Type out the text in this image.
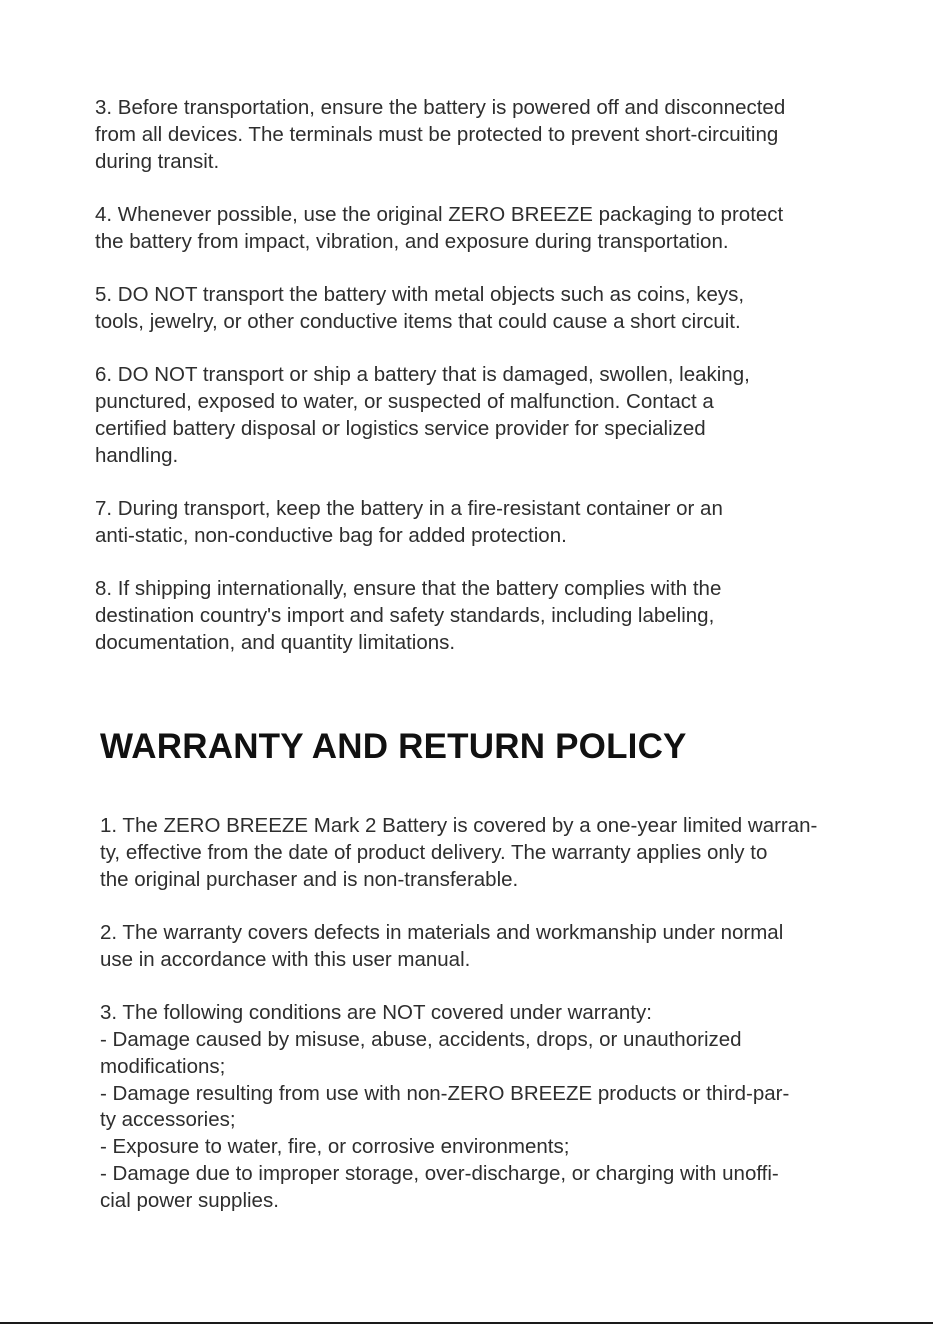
3. Before transportation, ensure the battery is powered off and disconnected
from all devices. The terminals must be protected to prevent short-circuiting
during transit.

4. Whenever possible, use the original ZERO BREEZE packaging to protect
the battery from impact, vibration, and exposure during transportation.

5. DO NOT transport the battery with metal objects such as coins, keys,
tools, jewelry, or other conductive items that could cause a short circuit.

6. DO NOT transport or ship a battery that is damaged, swollen, leaking,
punctured, exposed to water, or suspected of malfunction. Contact a
certified battery disposal or logistics service provider for specialized
handling.

7. During transport, keep the battery in a fire-resistant container or an
anti-static, non-conductive bag for added protection.

8. If shipping internationally, ensure that the battery complies with the
destination country's import and safety standards, including labeling,
documentation, and quantity limitations.

WARRANTY AND RETURN POLICY

1. The ZERO BREEZE Mark 2 Battery is covered by a one-year limited warran-
ty, effective from the date of product delivery. The warranty applies only to
the original purchaser and is non-transferable.

2. The warranty covers defects in materials and workmanship under normal
use in accordance with this user manual.

3. The following conditions are NOT covered under warranty:
- Damage caused by misuse, abuse, accidents, drops, or unauthorized
modifications;
- Damage resulting from use with non-ZERO BREEZE products or third-par-
ty accessories;
- Exposure to water, fire, or corrosive environments;
- Damage due to improper storage, over-discharge, or charging with unoffi-
cial power supplies.
